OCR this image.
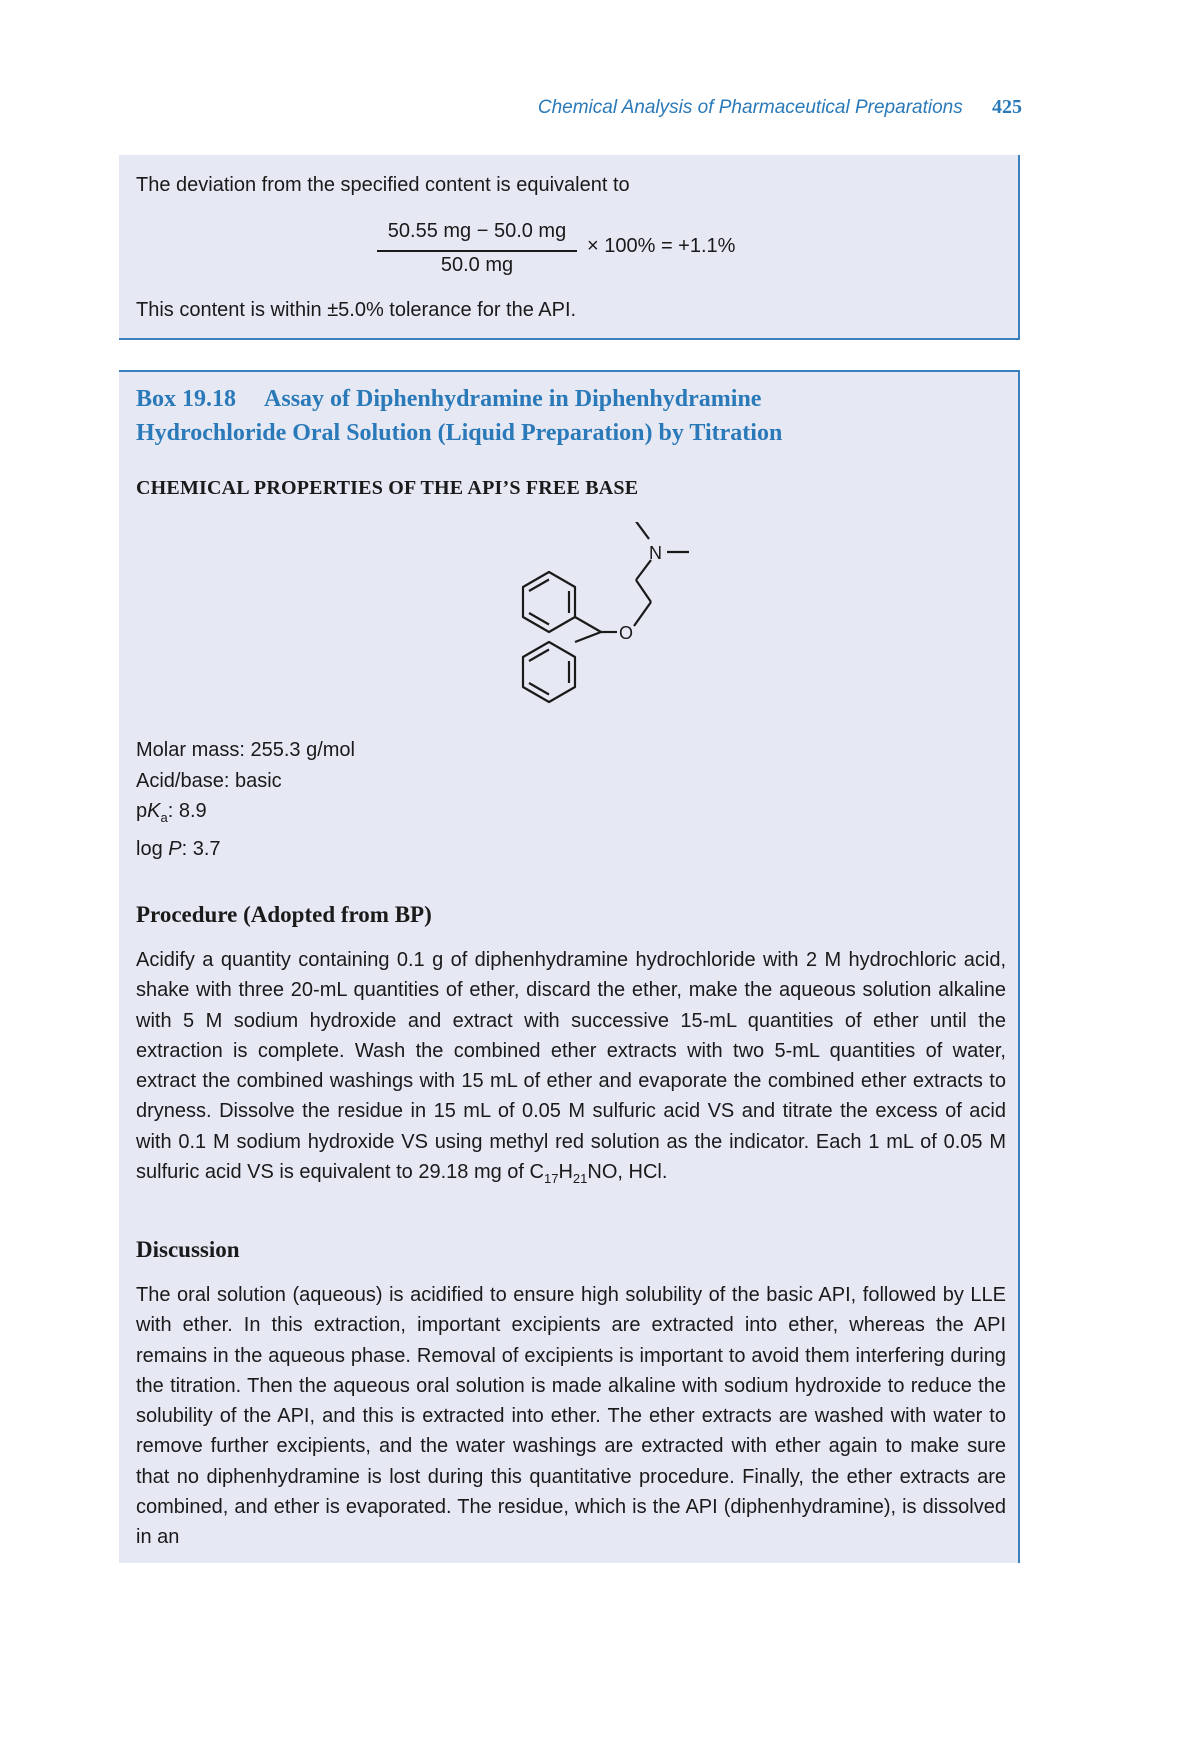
Chemical Analysis of Pharmaceutical Preparations 425
The deviation from the specified content is equivalent to
50.55 mg − 50.0 mg
50.0 mg
× 100% = +1.1%
This content is within ±5.0% tolerance for the API.
Box 19.18 Assay of Diphenhydramine in Diphenhydramine
Hydrochloride Oral Solution (Liquid Preparation) by Titration
CHEMICAL PROPERTIES OF THE API’S FREE BASE
O
N
Molar mass: 255.3 g/mol
Acid/base: basic
$pK_a$: 8.9
log P: 3.7
Procedure (Adopted from BP)
Acidify a quantity containing 0.1 g of diphenhydramine hydrochloride with 2 M hydrochloric acid, shake with three 20-mL quantities of ether, discard the ether, make the aqueous solution alkaline with 5 M sodium hydroxide and extract with successive 15-mL quantities of ether until the extraction is complete. Wash the combined ether extracts with two 5-mL quantities of water, extract the combined washings with 15 mL of ether and evaporate the combined ether extracts to dryness. Dissolve the residue in 15 mL of 0.05 M sulfuric acid VS and titrate the excess of acid with 0.1 M sodium hydroxide VS using methyl red solution as the indicator. Each 1 mL of 0.05 M sulfuric acid VS is equivalent to 29.18 mg of $C_{17}H_{21}NO$, HCl.
Discussion
The oral solution (aqueous) is acidified to ensure high solubility of the basic API, followed by LLE with ether. In this extraction, important excipients are extracted into ether, whereas the API remains in the aqueous phase. Removal of excipients is important to avoid them interfering during the titration. Then the aqueous oral solution is made alkaline with sodium hydroxide to reduce the solubility of the API, and this is extracted into ether. The ether extracts are washed with water to remove further excipients, and the water washings are extracted with ether again to make sure that no diphenhydramine is lost during this quantitative procedure. Finally, the ether extracts are combined, and ether is evaporated. The residue, which is the API (diphenhydramine), is dissolved in an
